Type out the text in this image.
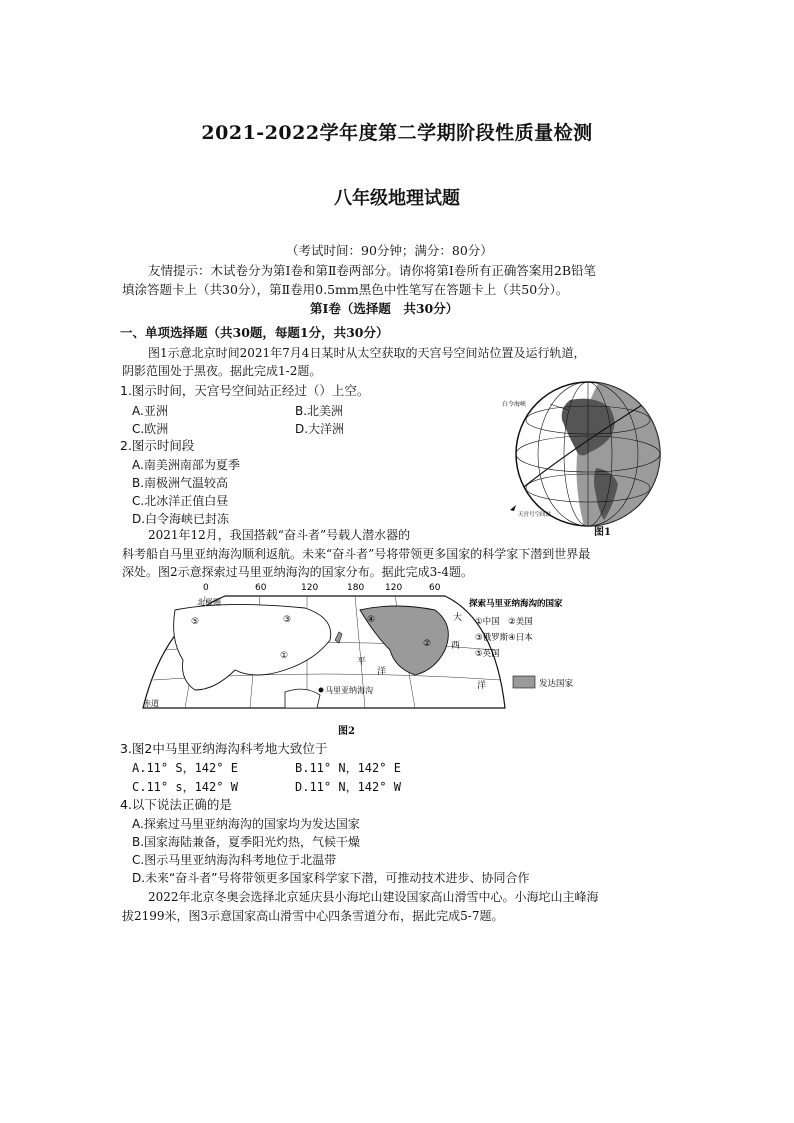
2021-2022学年度第二学期阶段性质量检测
八年级地理试题
（考试时间：90分钟；满分：80分）
友情提示：木试卷分为第Ⅰ卷和第Ⅱ卷两部分。请你将第Ⅰ卷所有正确答案用2B铅笔
填涂答题卡上（共30分），第Ⅱ卷用0.5mm黑色中性笔写在答题卡上（共50分）。
第Ⅰ卷（选择题　共30分）
一、单项选择题（共30题，每题1分，共30分）
图1示意北京时间2021年7月4日某时从太空获取的天宫号空间站位置及运行轨道，
阴影范围处于黑夜。据此完成1-2题。
1.图示时间，天宫号空间站正经过（）上空。
A.亚洲	B.北美洲
C.欧洲	D.大洋洲
2.图示时间段
A.南美洲南部为夏季
B.南极洲气温较高
C.北冰洋正值白昼
D.白令海峡已封冻
白令海峡
天宫号空间站
图1
2021年12月，我国搭载“奋斗者”号载人潜水器的
科考船自马里亚纳海沟顺利返航。未来“奋斗者”号将带领更多国家的科学家下潜到世界最
深处。图2示意探索过马里亚纳海沟的国家分布。据此完成3-4题。
0	60	120	180 120	60
北极圈
赤道
大
平
洋
西
洋
马里亚纳海沟
①
②
③	④
⑤
探索马里亚纳海沟的国家
①中国　②美国
③俄罗斯④日本
⑤英国
发达国家
图2
3.图2中马里亚纳海沟科考地大致位于
A.11° S，142° E	B.11° N，142° E
C.11° s，142° W	D.11° N，142° W
4.以下说法正确的是
A.探索过马里亚纳海沟的国家均为发达国家
B.国家海陆兼备，夏季阳光灼热，气候干燥
C.图示马里亚纳海沟科考地位于北温带
D.未来“奋斗者”号将带领更多国家科学家下潜，可推动技术进步、协同合作
2022年北京冬奥会选择北京延庆县小海坨山建设国家高山滑雪中心。小海坨山主峰海
拔2199米，图3示意国家高山滑雪中心四条雪道分布，据此完成5-7题。
